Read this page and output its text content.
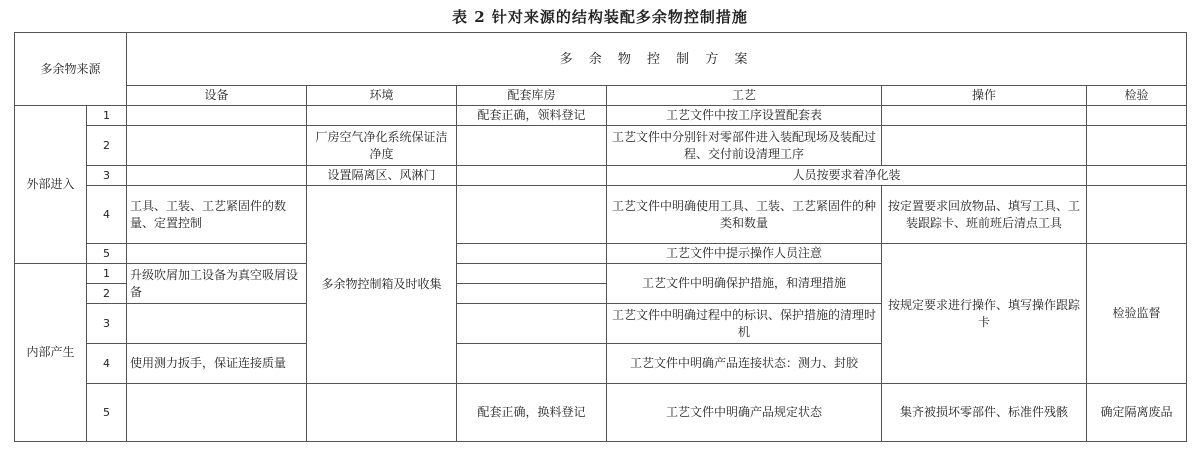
表 2 针对来源的结构装配多余物控制措施
多余物来源		多 余 物 控 制 方 案					
		设备	环境	配套库房	工艺	操作	检验
外部进入	1			配套正确，领料登记	工艺文件中按工序设置配套表		
	2		厂房空气净化系统保证洁净度		工艺文件中分别针对零部件进入装配现场及装配过程、交付前设清理工序		
	3		设置隔离区、风淋门		人员按要求着净化装		
	4	工具、工装、工艺紧固件的数量、定置控制	多余物控制箱及时收集		工艺文件中明确使用工具、工装、工艺紧固件的种类和数量	按定置要求回放物品、填写工具、工装跟踪卡、班前班后清点工具	
	5				工艺文件中提示操作人员注意	按规定要求进行操作、填写操作跟踪卡	检验监督
内部产生	1	升级吹屑加工设备为真空吸屑设备			工艺文件中明确保护措施，和清理措施		
	2						
	3				工艺文件中明确过程中的标识、保护措施的清理时机		
	4	使用测力扳手，保证连接质量			工艺文件中明确产品连接状态：测力、封胶		
	5			配套正确，换料登记	工艺文件中明确产品规定状态	集齐被损坏零部件、标准件残骸	确定隔离废品
